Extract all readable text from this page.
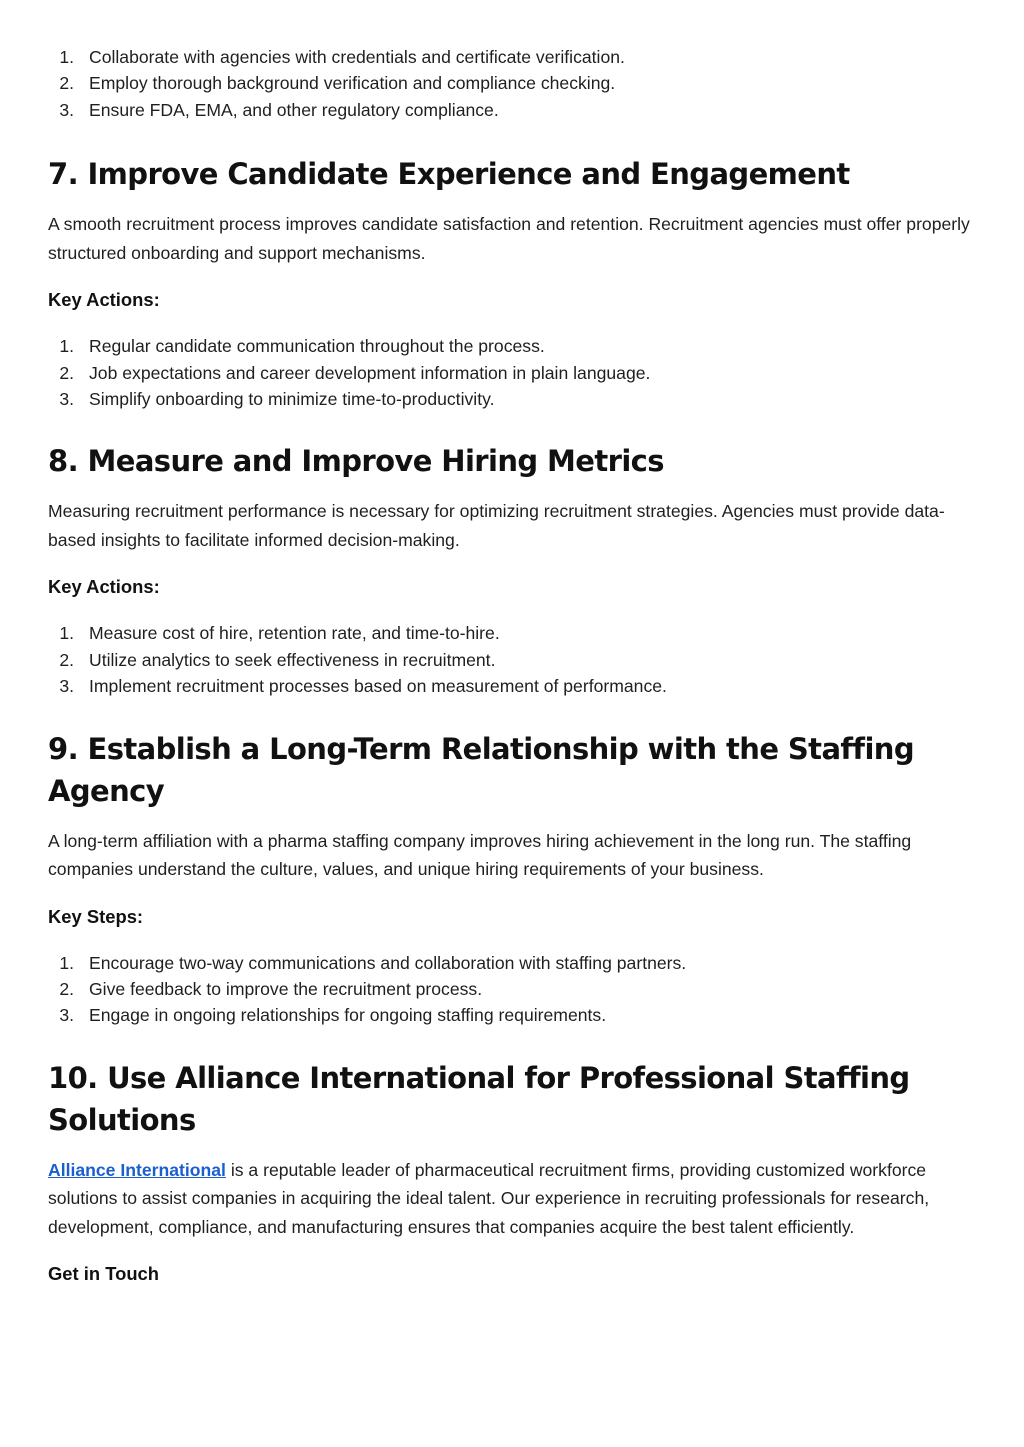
1. Collaborate with agencies with credentials and certificate verification.
2. Employ thorough background verification and compliance checking.
3. Ensure FDA, EMA, and other regulatory compliance.
7. Improve Candidate Experience and Engagement

A smooth recruitment process improves candidate satisfaction and retention. Recruitment agencies must offer properly structured onboarding and support mechanisms.

Key Actions:
1. Regular candidate communication throughout the process.
2. Job expectations and career development information in plain language.
3. Simplify onboarding to minimize time-to-productivity.
8. Measure and Improve Hiring Metrics

Measuring recruitment performance is necessary for optimizing recruitment strategies. Agencies must provide data-based insights to facilitate informed decision-making.

Key Actions:
1. Measure cost of hire, retention rate, and time-to-hire.
2. Utilize analytics to seek effectiveness in recruitment.
3. Implement recruitment processes based on measurement of performance.
9. Establish a Long-Term Relationship with the Staffing Agency

A long-term affiliation with a pharma staffing company improves hiring achievement in the long run. The staffing companies understand the culture, values, and unique hiring requirements of your business.

Key Steps:
1. Encourage two-way communications and collaboration with staffing partners.
2. Give feedback to improve the recruitment process.
3. Engage in ongoing relationships for ongoing staffing requirements.
10. Use Alliance International for Professional Staffing Solutions

Alliance International is a reputable leader of pharmaceutical recruitment firms, providing customized workforce solutions to assist companies in acquiring the ideal talent. Our experience in recruiting professionals for research, development, compliance, and manufacturing ensures that companies acquire the best talent efficiently.

Get in Touch
